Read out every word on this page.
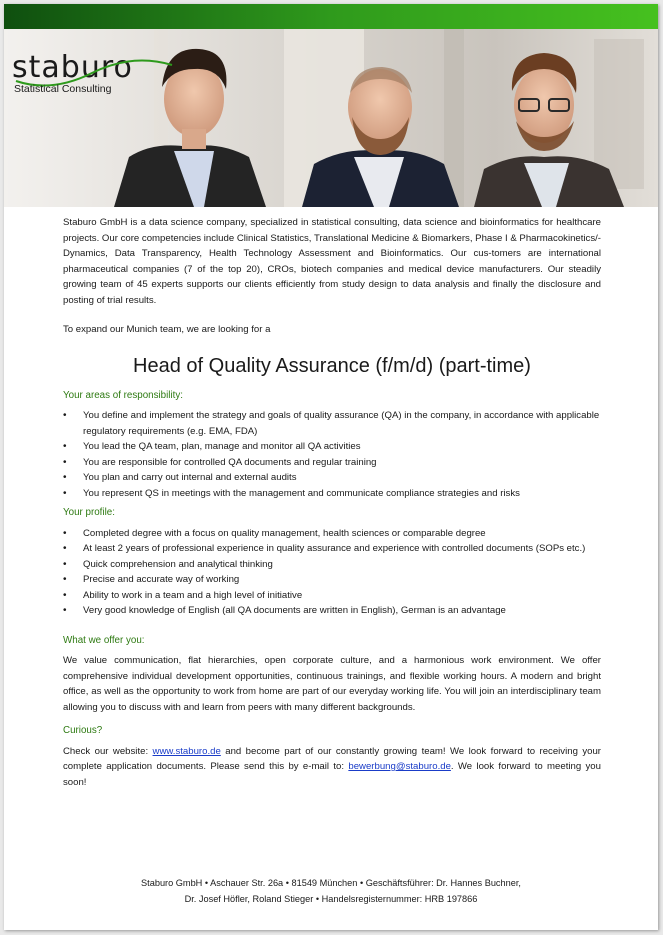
staburo
Statistical Consulting

Staburo GmbH is a data science company, specialized in statistical consulting, data science and bioinformatics for healthcare projects. Our core competencies include Clinical Statistics, Translational Medicine & Biomarkers, Phase I & Pharmacokinetics/-Dynamics, Data Transparency, Health Technology Assessment and Bioinformatics. Our cus-tomers are international pharmaceutical companies (7 of the top 20), CROs, biotech companies and medical device manufacturers. Our steadily growing team of 45 experts supports our clients efficiently from study design to data analysis and finally the disclosure and posting of trial results.

To expand our Munich team, we are looking for a

Head of Quality Assurance (f/m/d) (part-time)

Your areas of responsibility:

• You define and implement the strategy and goals of quality assurance (QA) in the company, in accordance with applicable regulatory requirements (e.g. EMA, FDA)
• You lead the QA team, plan, manage and monitor all QA activities
• You are responsible for controlled QA documents and regular training
• You plan and carry out internal and external audits
• You represent QS in meetings with the management and communicate compliance strategies and risks

Your profile:

• Completed degree with a focus on quality management, health sciences or comparable degree
• At least 2 years of professional experience in quality assurance and experience with controlled documents (SOPs etc.)
• Quick comprehension and analytical thinking
• Precise and accurate way of working
• Ability to work in a team and a high level of initiative
• Very good knowledge of English (all QA documents are written in English), German is an advantage

What we offer you:

We value communication, flat hierarchies, open corporate culture, and a harmonious work environment. We offer comprehensive individual development opportunities, continuous trainings, and flexible working hours. A modern and bright office, as well as the opportunity to work from home are part of our everyday working life. You will join an interdisciplinary team allowing you to discuss with and learn from peers with many different backgrounds.

Curious?

Check our website: www.staburo.de and become part of our constantly growing team! We look forward to receiving your complete application documents. Please send this by e-mail to: bewerbung@staburo.de. We look forward to meeting you soon!

Staburo GmbH • Aschauer Str. 26a • 81549 München • Geschäftsführer: Dr. Hannes Buchner,
Dr. Josef Höfler, Roland Stieger • Handelsregisternummer: HRB 197866
